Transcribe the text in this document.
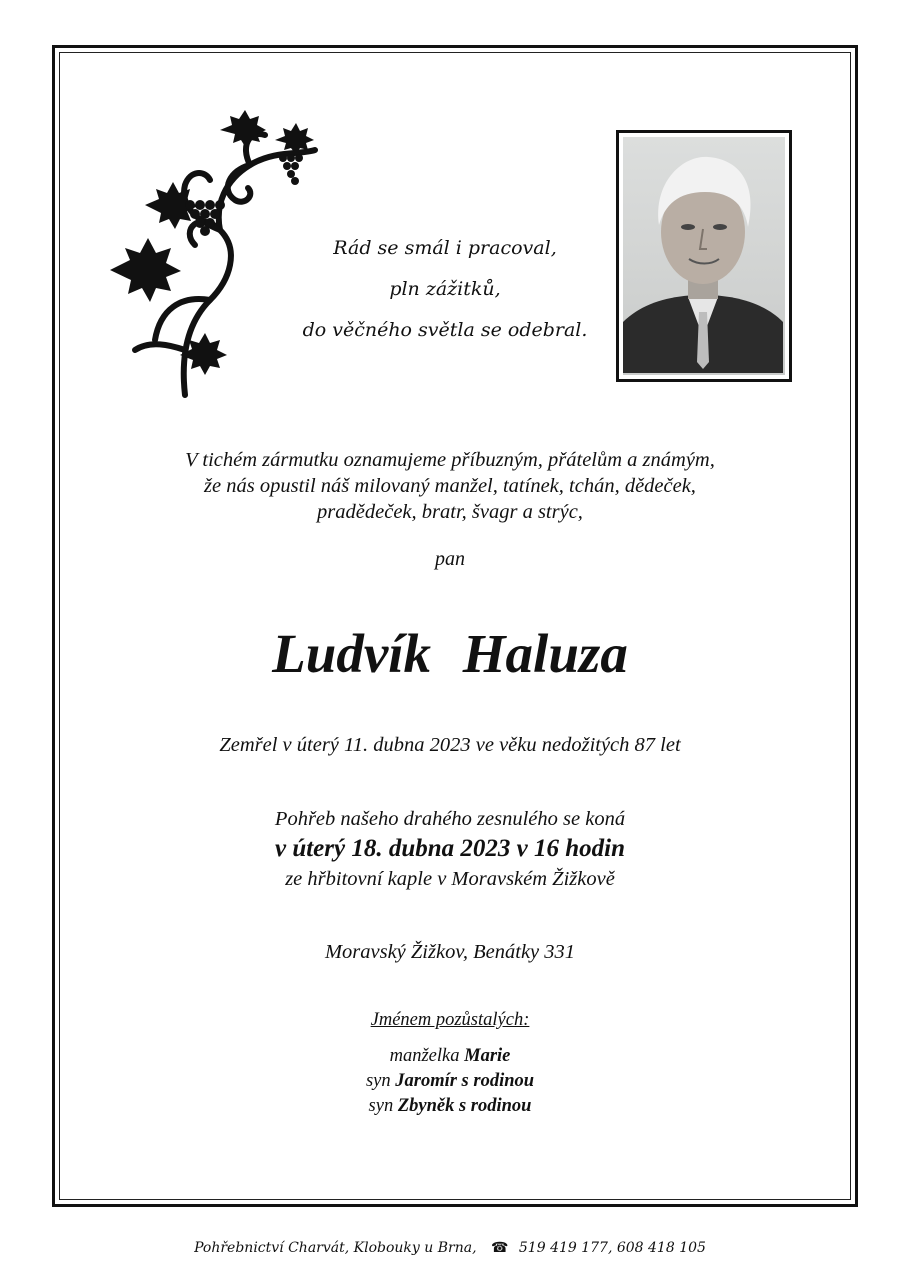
Rád se smál i pracoval,
pln zážitků,
do věčného světla se odebral.
V tichém zármutku oznamujeme příbuzným, přátelům a známým,
že nás opustil náš milovaný manžel, tatínek, tchán, dědeček,
pradědeček, bratr, švagr a strýc,
pan
Ludvík Haluza
Zemřel v úterý 11. dubna 2023 ve věku nedožitých 87 let
Pohřeb našeho drahého zesnulého se koná
v úterý 18. dubna 2023 v 16 hodin
ze hřbitovní kaple v Moravském Žižkově
Moravský Žižkov, Benátky 331
Jménem pozůstalých:
manželka Marie
syn Jaromír s rodinou
syn Zbyněk s rodinou
Pohřebnictví Charvát, Klobouky u Brna, ☎ 519 419 177, 608 418 105
